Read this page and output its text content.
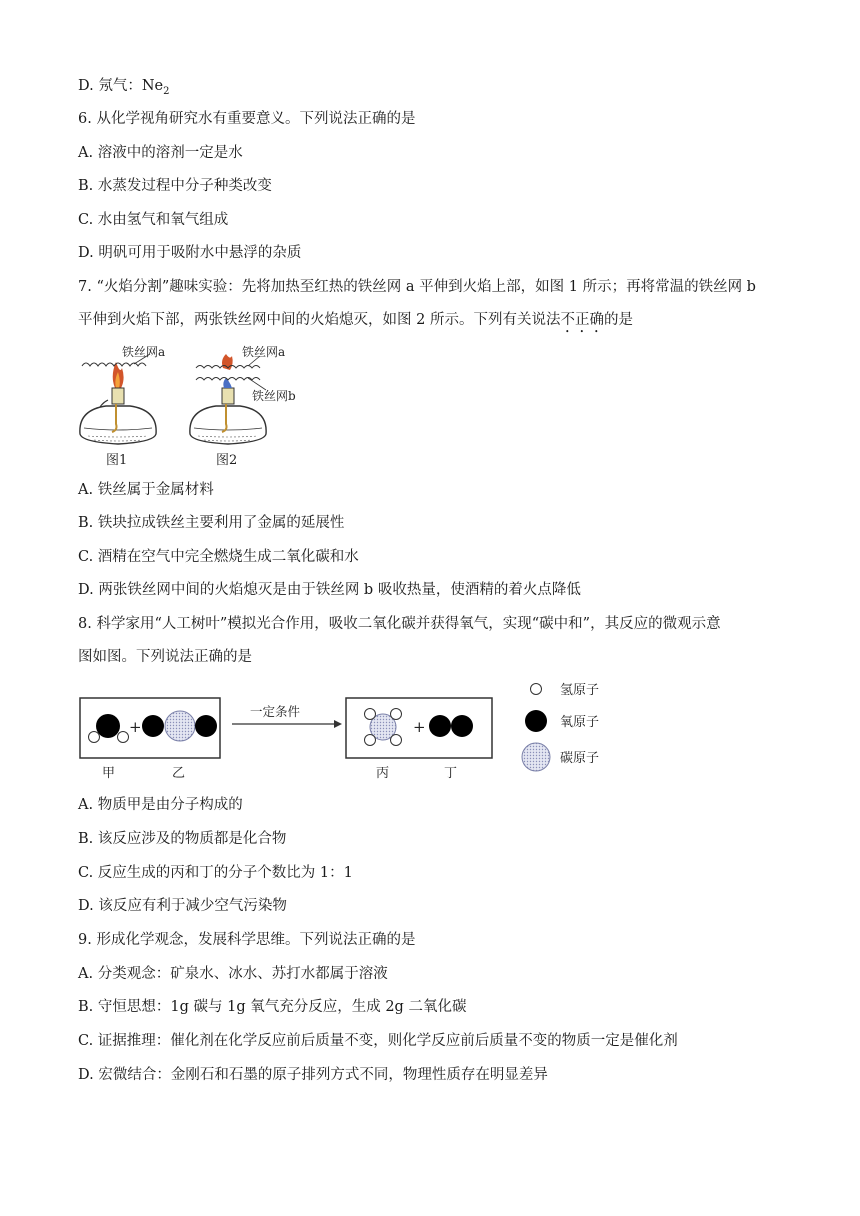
D. 氖气：$Ne_2$
6. 从化学视角研究水有重要意义。下列说法正确的是
A. 溶液中的溶剂一定是水
B. 水蒸发过程中分子种类改变
C. 水由氢气和氧气组成
D. 明矾可用于吸附水中悬浮的杂质
7. “火焰分割”趣味实验：先将加热至红热的铁丝网 a 平伸到火焰上部，如图 1 所示；再将常温的铁丝网 b
平伸到火焰下部，两张铁丝网中间的火焰熄灭，如图 2 所示。下列有关说法不正确的是
铁丝网a
图1
铁丝网a
铁丝网b
图2
A. 铁丝属于金属材料
B. 铁块拉成铁丝主要利用了金属的延展性
C. 酒精在空气中完全燃烧生成二氧化碳和水
D. 两张铁丝网中间的火焰熄灭是由于铁丝网 b 吸收热量，使酒精的着火点降低
8. 科学家用“人工树叶”模拟光合作用，吸收二氧化碳并获得氧气，实现“碳中和”，其反应的微观示意
图如图。下列说法正确的是
+
一定条件
+
甲	乙	丙	丁
氢原子
氧原子
碳原子
A. 物质甲是由分子构成的
B. 该反应涉及的物质都是化合物
C. 反应生成的丙和丁的分子个数比为 1：1
D. 该反应有利于减少空气污染物
9. 形成化学观念，发展科学思维。下列说法正确的是
A. 分类观念：矿泉水、冰水、苏打水都属于溶液
B. 守恒思想：1g 碳与 1g 氧气充分反应，生成 2g 二氧化碳
C. 证据推理：催化剂在化学反应前后质量不变，则化学反应前后质量不变的物质一定是催化剂
D. 宏微结合：金刚石和石墨的原子排列方式不同，物理性质存在明显差异
